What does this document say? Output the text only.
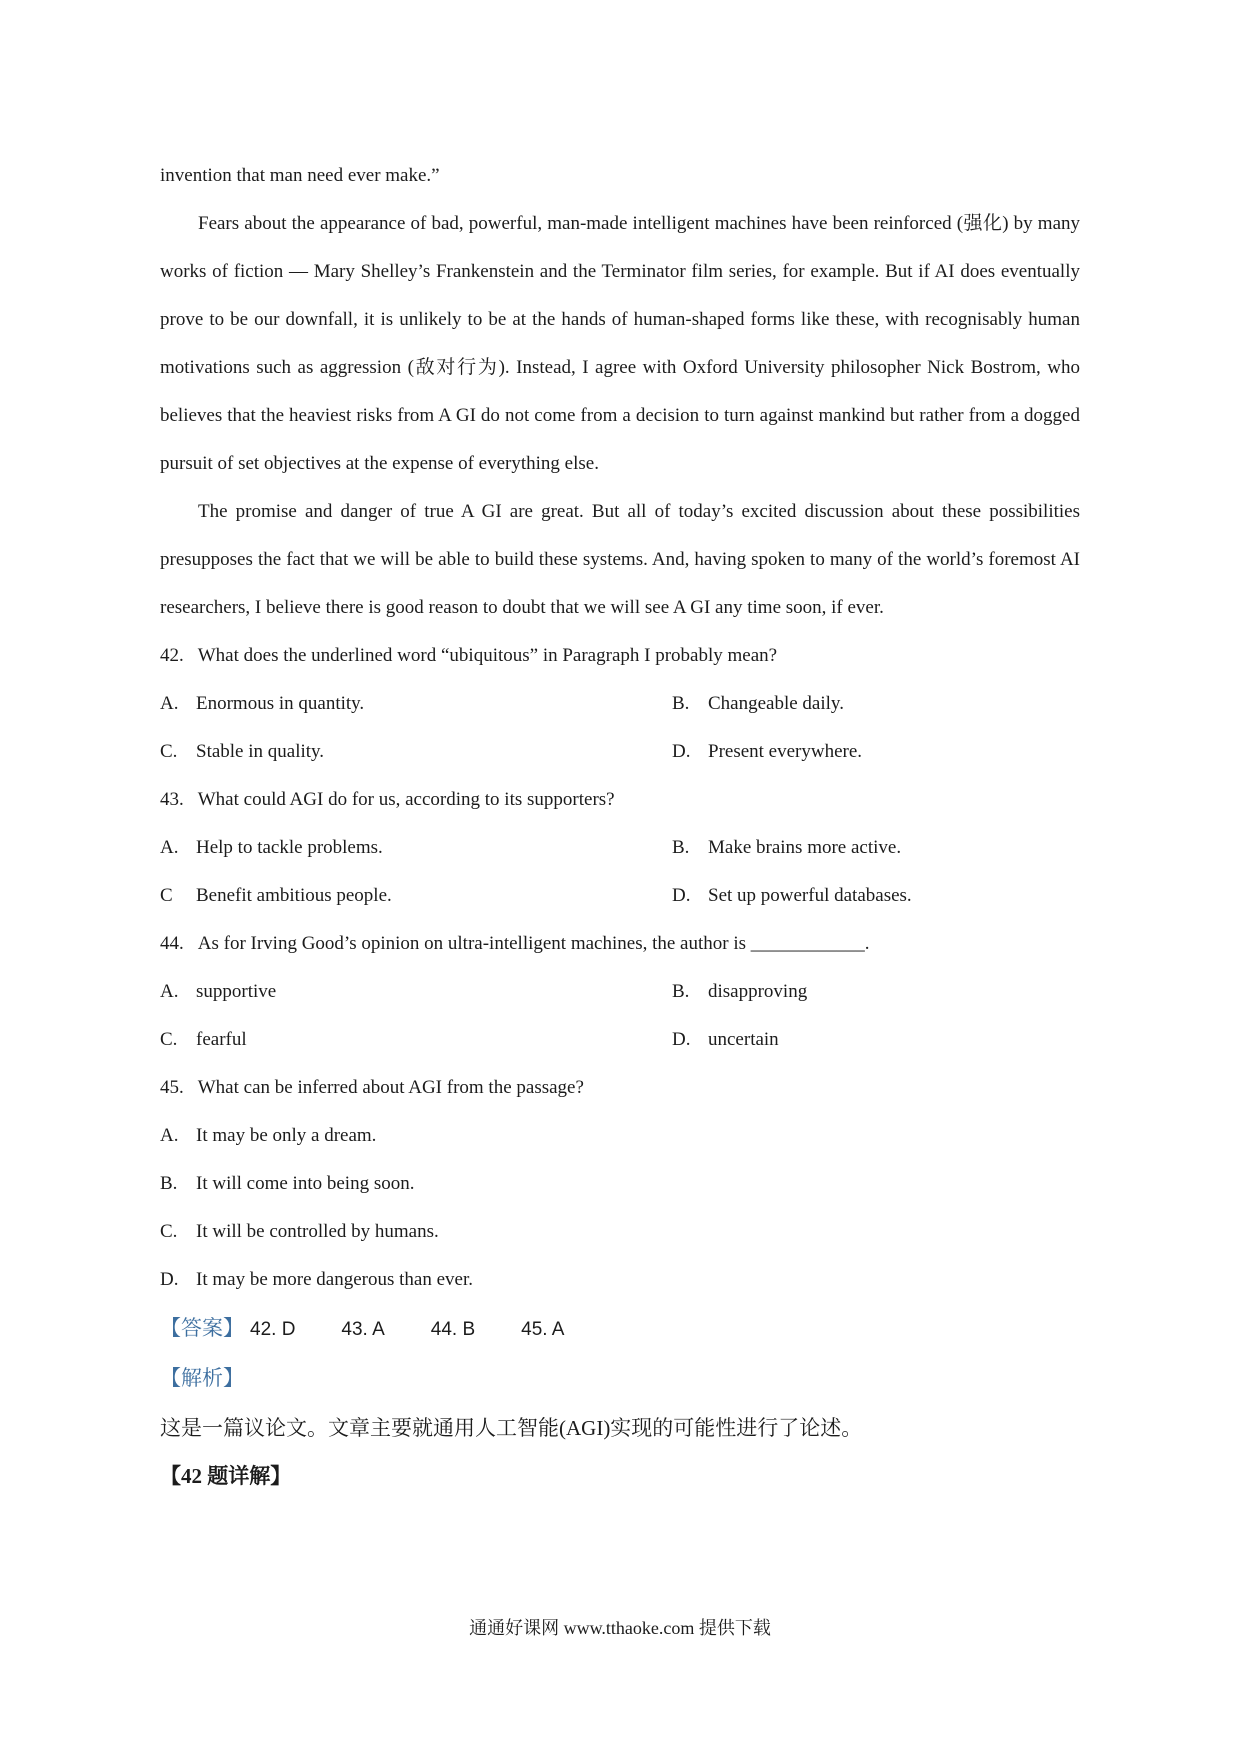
invention that man need ever make.”

Fears about the appearance of bad, powerful, man-made intelligent machines have been reinforced (强化) by many works of fiction — Mary Shelley’s Frankenstein and the Terminator film series, for example. But if AI does eventually prove to be our downfall, it is unlikely to be at the hands of human-shaped forms like these, with recognisably human motivations such as aggression (敌对行为). Instead, I agree with Oxford University philosopher Nick Bostrom, who believes that the heaviest risks from A GI do not come from a decision to turn against mankind but rather from a dogged pursuit of set objectives at the expense of everything else.

The promise and danger of true A GI are great. But all of today’s excited discussion about these possibilities presupposes the fact that we will be able to build these systems. And, having spoken to many of the world’s foremost AI researchers, I believe there is good reason to doubt that we will see A GI any time soon, if ever.

42. What does the underlined word “ubiquitous” in Paragraph I probably mean?
A. Enormous in quantity.	B. Changeable daily.
C. Stable in quality.	D. Present everywhere.
43. What could AGI do for us, according to its supporters?
A. Help to tackle problems.	B. Make brains more active.
C Benefit ambitious people.	D. Set up powerful databases.
44. As for Irving Good’s opinion on ultra-intelligent machines, the author is ____________.
A. supportive	B. disapproving
C. fearful	D. uncertain
45. What can be inferred about AGI from the passage?
A. It may be only a dream.
B. It will come into being soon.
C. It will be controlled by humans.
D. It may be more dangerous than ever.
【答案】 42. D 43. A 44. B 45. A
【解析】
这是一篇议论文。文章主要就通用人工智能(AGI)实现的可能性进行了论述。
【42 题详解】
通通好课网 www.tthaoke.com 提供下载
